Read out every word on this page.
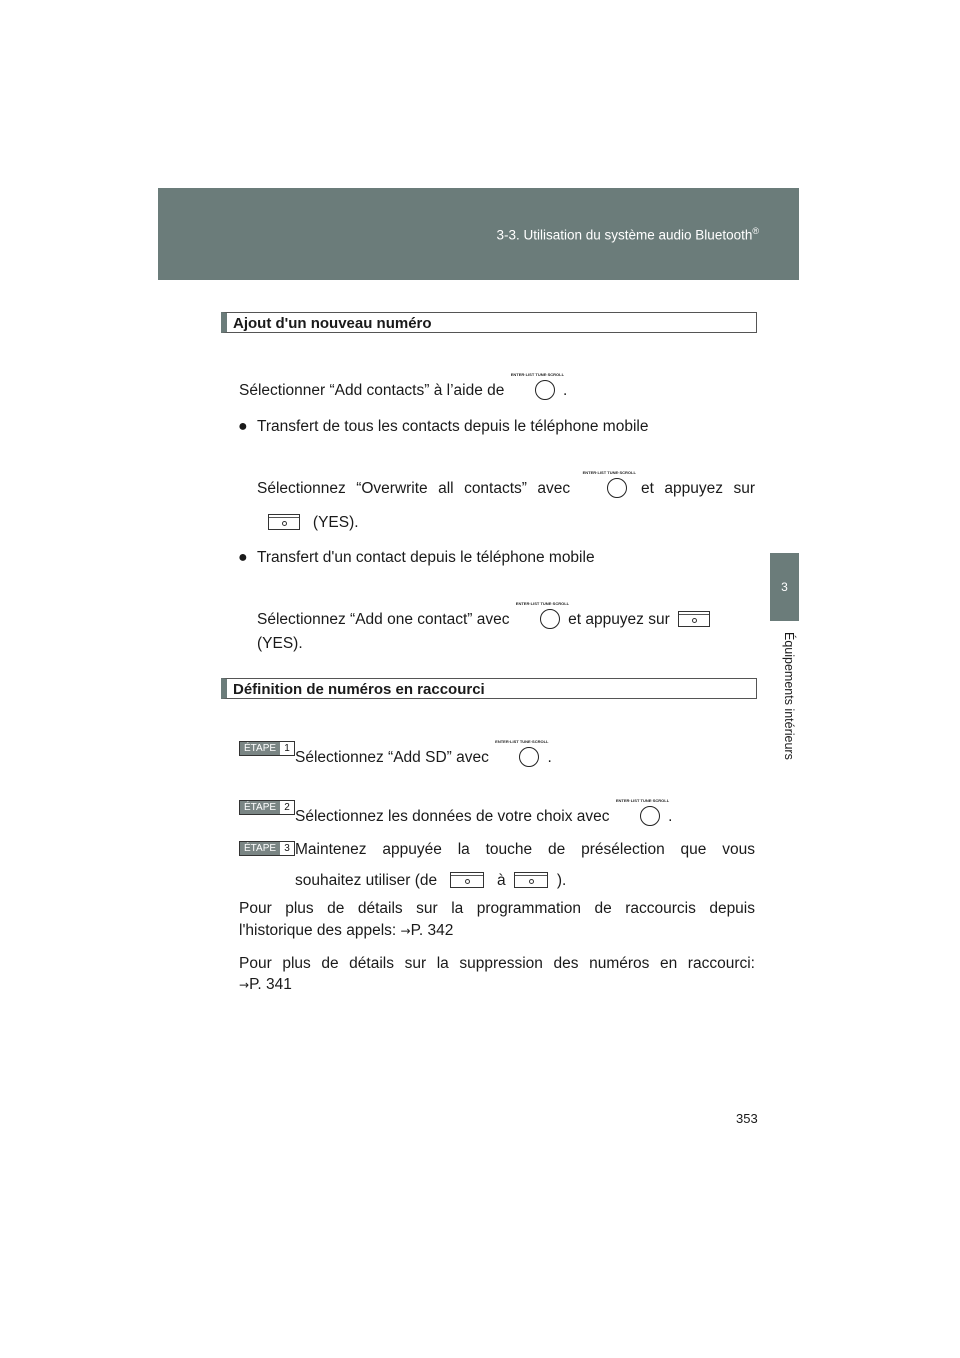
3-3. Utilisation du système audio Bluetooth®
3
Équipements intérieurs
Ajout d'un nouveau numéro
Sélectionner “Add contacts” à l’aide de
ENTER·LIST TUNE·SCROLL
.
● Transfert de tous les contacts depuis le téléphone mobile
Sélectionnez “Overwrite all contacts” avec
ENTER·LIST TUNE·SCROLL
et appuyez sur
(YES).
● Transfert d'un contact depuis le téléphone mobile
Sélectionnez “Add one contact” avec
ENTER·LIST TUNE·SCROLL
et appuyez sur
(YES).
Définition de numéros en raccourci
ÉTAPE 1
Sélectionnez “Add SD” avec
ENTER·LIST TUNE·SCROLL
.
ÉTAPE 2
Sélectionnez les données de votre choix avec
ENTER·LIST TUNE·SCROLL
.
ÉTAPE 3 Maintenez appuyée la touche de présélection que vous
souhaitez utiliser (de	à	).
Pour plus de détails sur la programmation de raccourcis depuis
l'historique des appels: →P. 342
Pour plus de détails sur la suppression des numéros en raccourci:
→P. 341
353
